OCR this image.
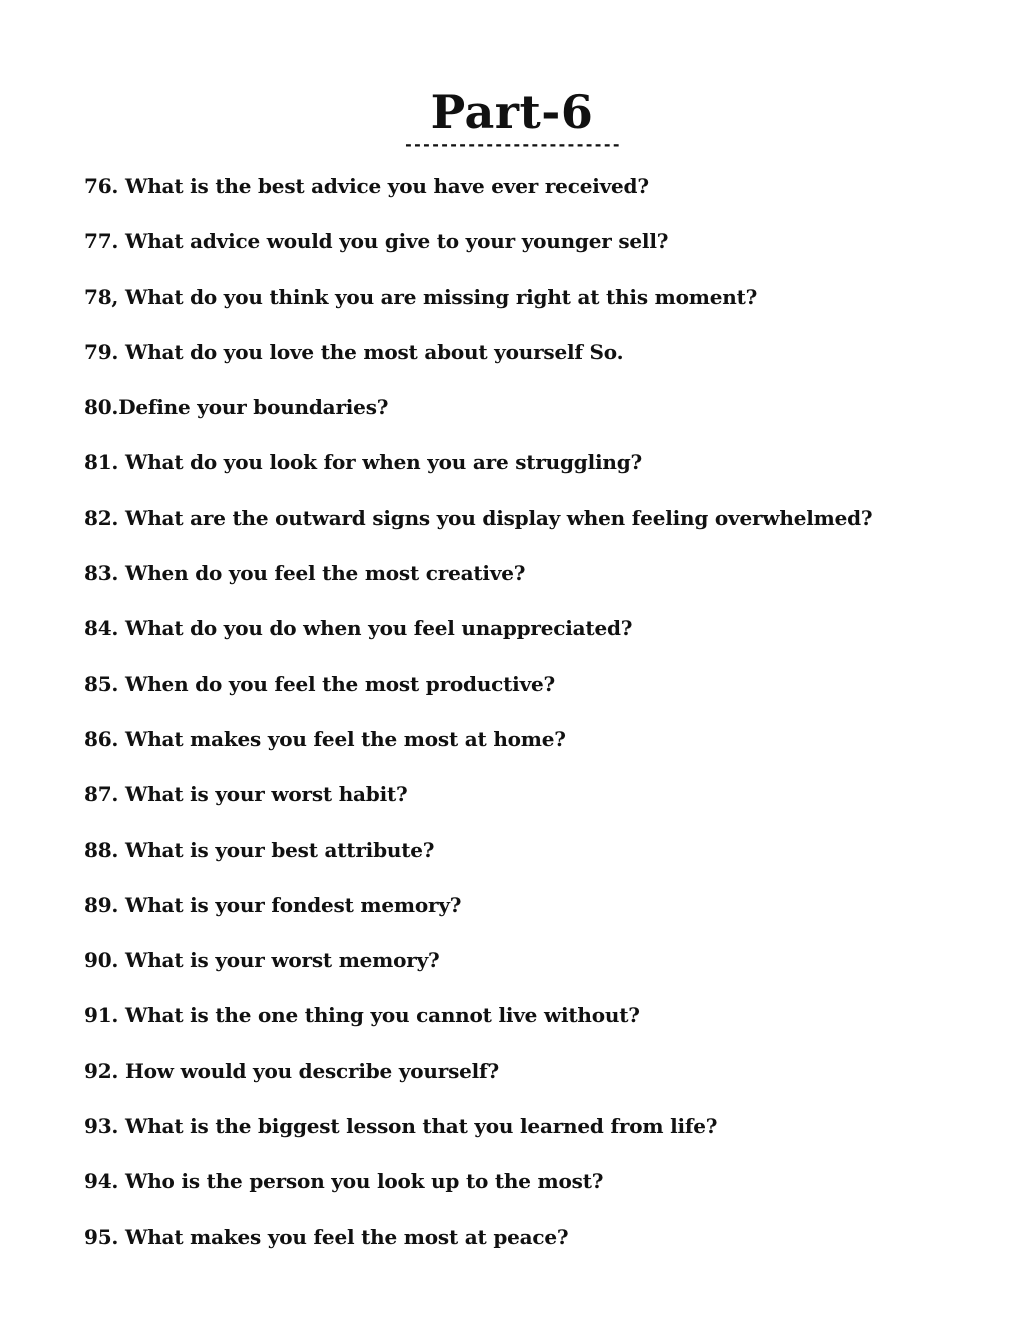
Part-6
------------------------
76. What is the best advice you have ever received?
77. What advice would you give to your younger sell?
78, What do you think you are missing right at this moment?
79. What do you love the most about yourself So.
80.Define your boundaries?
81. What do you look for when you are struggling?
82. What are the outward signs you display when feeling overwhelmed?
83. When do you feel the most creative?
84. What do you do when you feel unappreciated?
85. When do you feel the most productive?
86. What makes you feel the most at home?
87. What is your worst habit?
88. What is your best attribute?
89. What is your fondest memory?
90. What is your worst memory?
91. What is the one thing you cannot live without?
92. How would you describe yourself?
93. What is the biggest lesson that you learned from life?
94. Who is the person you look up to the most?
95. What makes you feel the most at peace?
